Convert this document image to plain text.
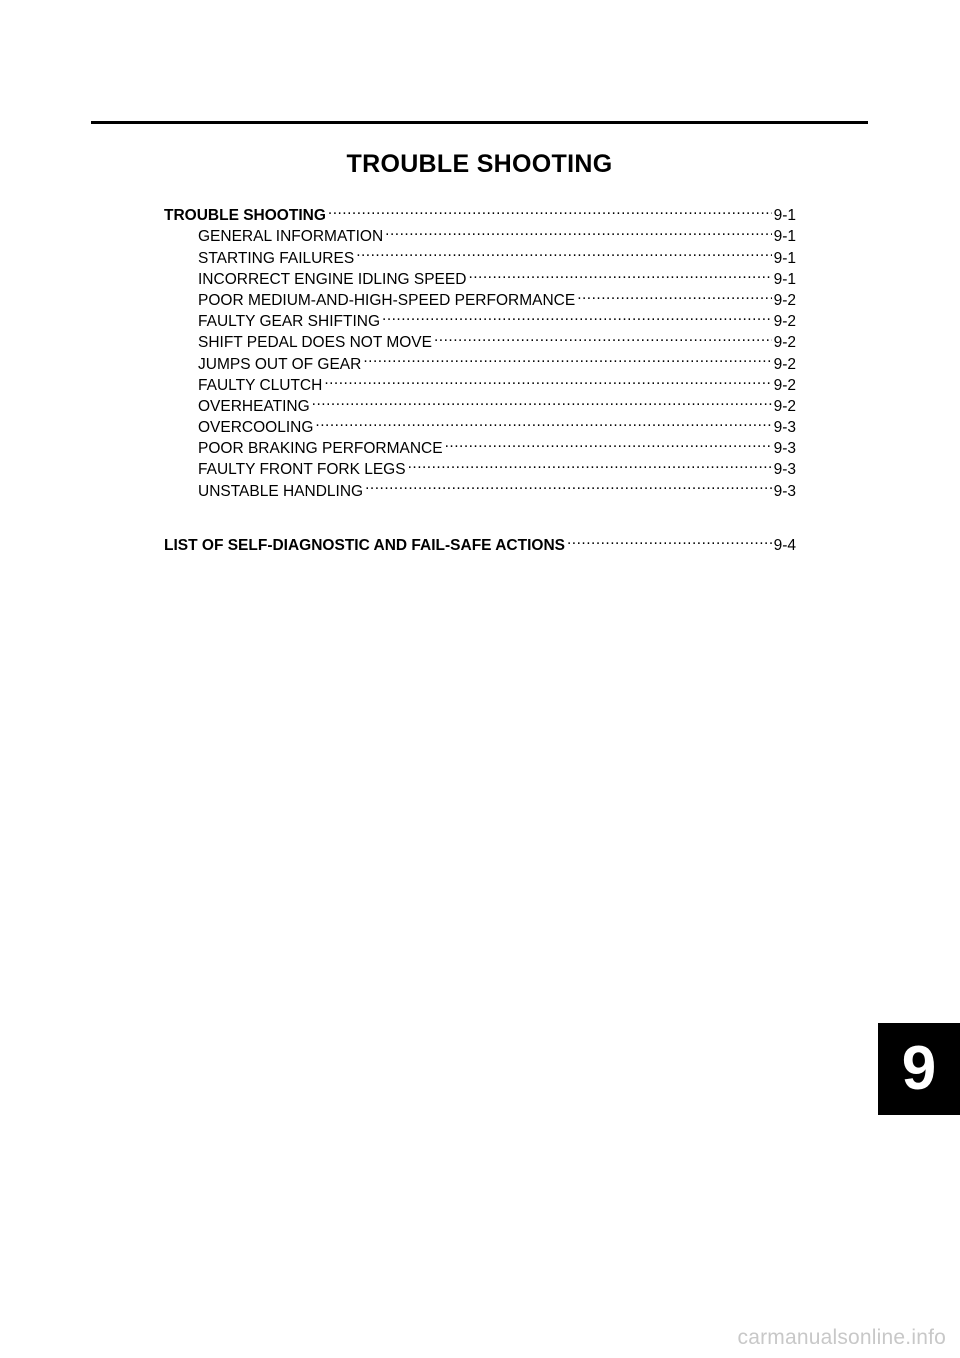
TROUBLE SHOOTING
TROUBLE SHOOTING .....	9-1
GENERAL INFORMATION .....	9-1
STARTING FAILURES .....	9-1
INCORRECT ENGINE IDLING SPEED .....	9-1
POOR MEDIUM-AND-HIGH-SPEED PERFORMANCE .....	9-2
FAULTY GEAR SHIFTING .....	9-2
SHIFT PEDAL DOES NOT MOVE .....	9-2
JUMPS OUT OF GEAR .....	9-2
FAULTY CLUTCH .....	9-2
OVERHEATING .....	9-2
OVERCOOLING .....	9-3
POOR BRAKING PERFORMANCE .....	9-3
FAULTY FRONT FORK LEGS .....	9-3
UNSTABLE HANDLING .....	9-3
LIST OF SELF-DIAGNOSTIC AND FAIL-SAFE ACTIONS .....	9-4
9
carmanualsonline.info
